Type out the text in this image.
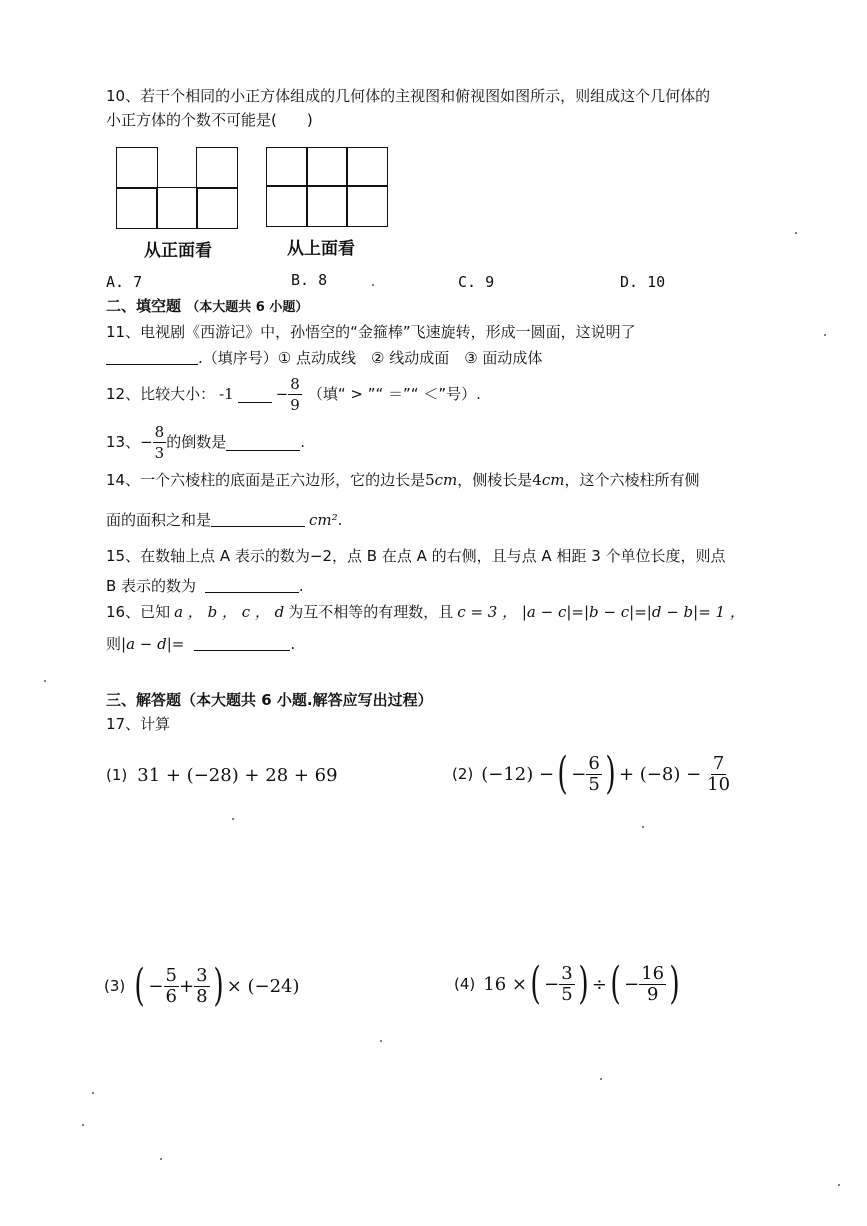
10、若干个相同的小正方体组成的几何体的主视图和俯视图如图所示，则组成这个几何体的
小正方体的个数不可能是(　　)
从正面看	从上面看
A. 7	B. 8	C. 9	D. 10
二、填空题 （本大题共 6 小题）
11、电视剧《西游记》中，孙悟空的“金箍棒”飞速旋转，形成一圆面，这说明了
.（填序号）① 点动成线　② 线动成面　③ 面动成体
12、比较大小： -1	− $\frac{8}{9}$ （填“ > ”“ ＝”“ ＜”号）.
13、 − $\frac{8}{3}$ 的倒数是	.
14、一个六棱柱的底面是正六边形，它的边长是5cm，侧棱长是4cm，这个六棱柱所有侧
面的面积之和是	cm².
15、在数轴上点 A 表示的数为−2，点 B 在点 A 的右侧，且与点 A 相距 3 个单位长度，则点
B 表示的数为	.
16、已知 a ， b ， c ， d 为互不相等的有理数，且 c = 3 ， |a − c|=|b − c|=|d − b|= 1 ，
则|a − d|=	.
三、解答题（本大题共 6 小题.解答应写出过程）
17、计算
(1) 31 + (−28) + 28 + 69	(2) (−12) − ( − $\frac{6}{5}$ ) + $(-8) - \frac{7}{10}$
(3) ( − $\frac{5}{6} + \frac{3}{8}$ ) × (−24)	(4) 16 × ( − $\frac{3}{5}$ ) ÷ ( − $\frac{16}{9}$ )
